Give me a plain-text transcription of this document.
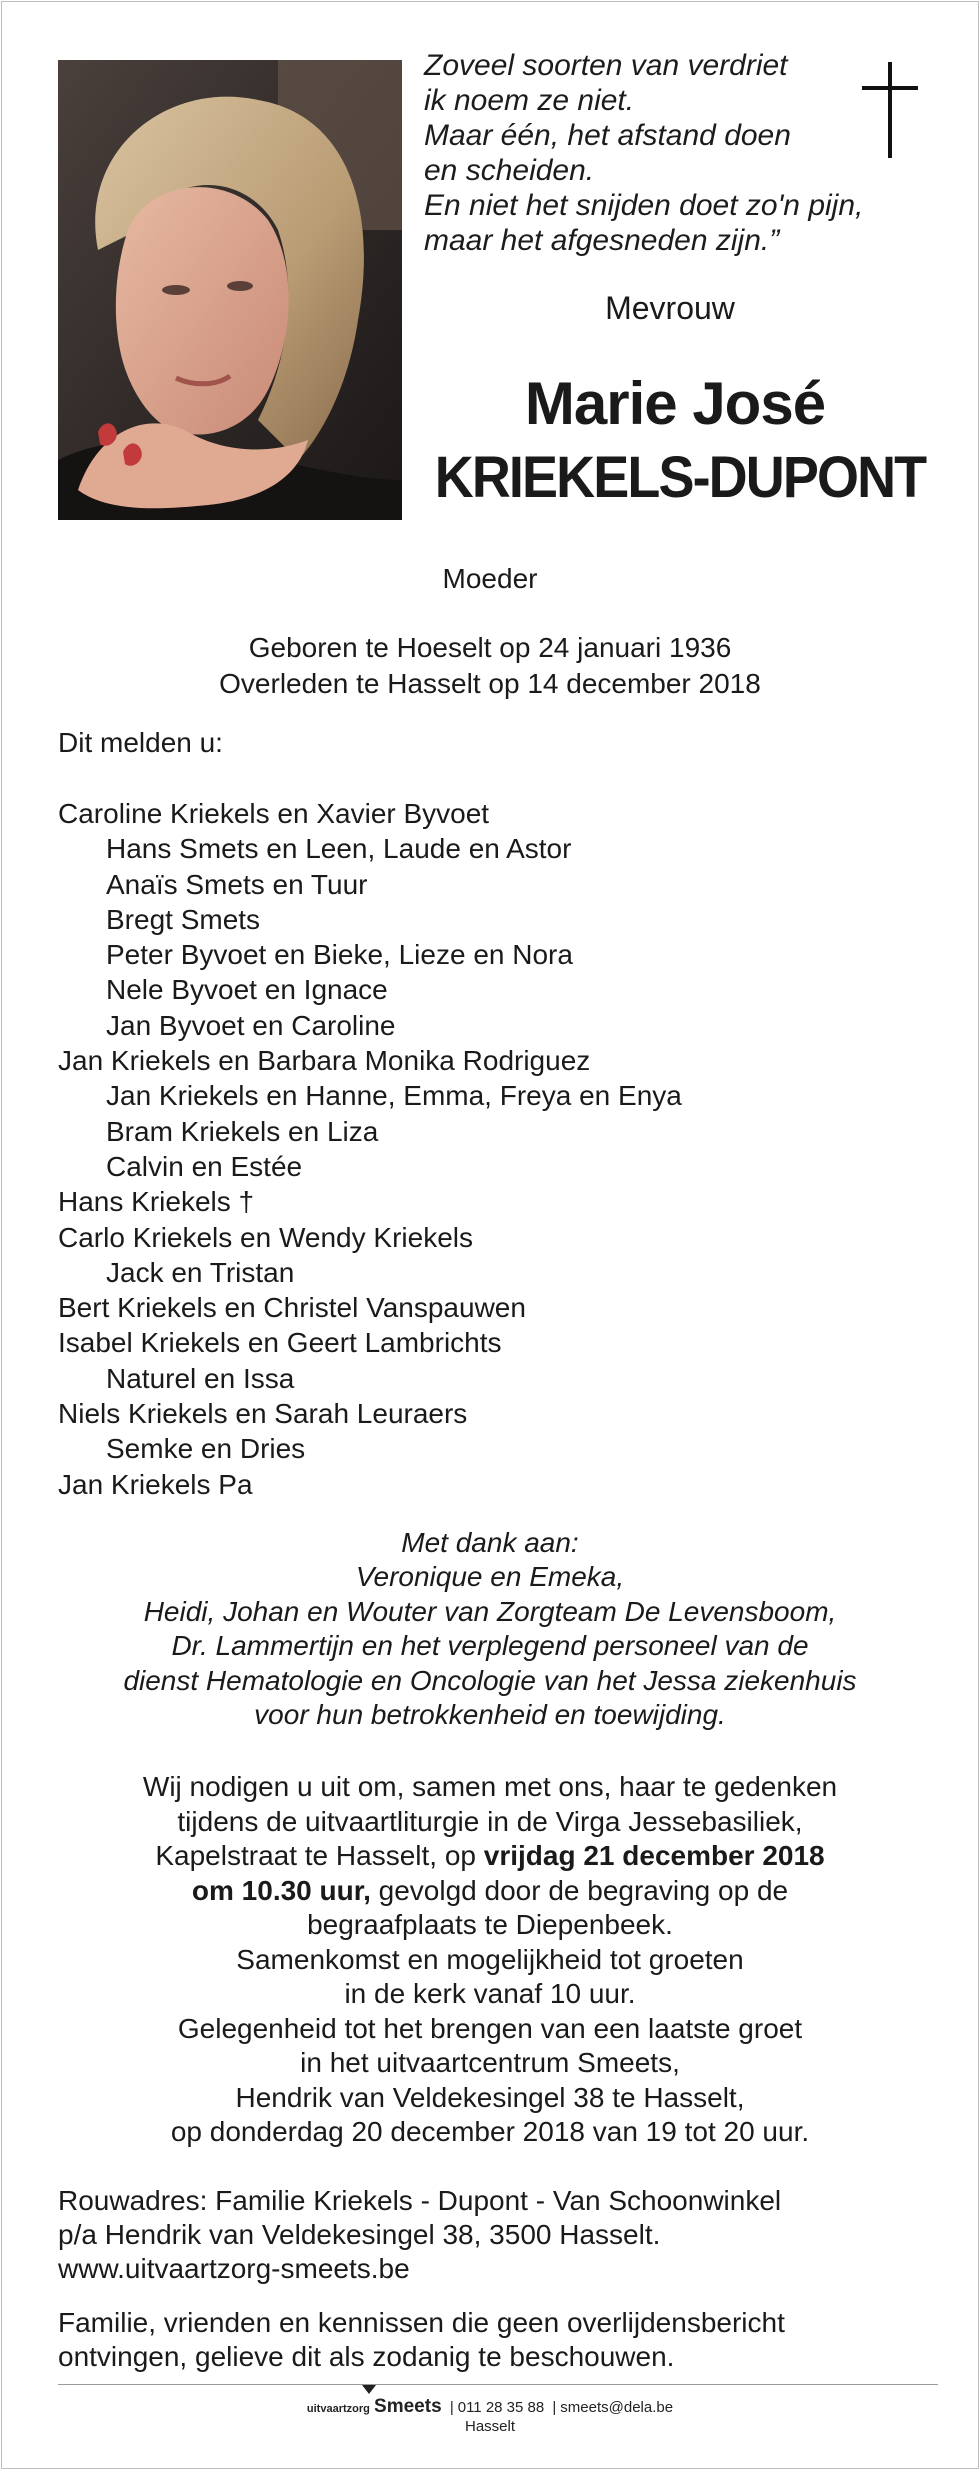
Zoveel soorten van verdriet
ik noem ze niet.
Maar één, het afstand doen
en scheiden.
En niet het snijden doet zo'n pijn,
maar het afgesneden zijn.”
Mevrouw
Marie José
KRIEKELS-DUPONT
Moeder
Geboren te Hoeselt op 24 januari 1936
Overleden te Hasselt op 14 december 2018
Dit melden u:
Caroline Kriekels en Xavier Byvoet
Hans Smets en Leen, Laude en Astor
Anaïs Smets en Tuur
Bregt Smets
Peter Byvoet en Bieke, Lieze en Nora
Nele Byvoet en Ignace
Jan Byvoet en Caroline
Jan Kriekels en Barbara Monika Rodriguez
Jan Kriekels en Hanne, Emma, Freya en Enya
Bram Kriekels en Liza
Calvin en Estée
Hans Kriekels †
Carlo Kriekels en Wendy Kriekels
Jack en Tristan
Bert Kriekels en Christel Vanspauwen
Isabel Kriekels en Geert Lambrichts
Naturel en Issa
Niels Kriekels en Sarah Leuraers
Semke en Dries
Jan Kriekels Pa
Met dank aan:
Veronique en Emeka,
Heidi, Johan en Wouter van Zorgteam De Levensboom,
Dr. Lammertijn en het verplegend personeel van de
dienst Hematologie en Oncologie van het Jessa ziekenhuis
voor hun betrokkenheid en toewijding.
Wij nodigen u uit om, samen met ons, haar te gedenken
tijdens de uitvaartliturgie in de Virga Jessebasiliek,
Kapelstraat te Hasselt, op vrijdag 21 december 2018
om 10.30 uur, gevolgd door de begraving op de
begraafplaats te Diepenbeek.
Samenkomst en mogelijkheid tot groeten
in de kerk vanaf 10 uur.
Gelegenheid tot het brengen van een laatste groet
in het uitvaartcentrum Smeets,
Hendrik van Veldekesingel 38 te Hasselt,
op donderdag 20 december 2018 van 19 tot 20 uur.
Rouwadres: Familie Kriekels - Dupont - Van Schoonwinkel
p/a Hendrik van Veldekesingel 38, 3500 Hasselt.
www.uitvaartzorg-smeets.be
Familie, vrienden en kennissen die geen overlijdensbericht
ontvingen, gelieve dit als zodanig te beschouwen.
uitvaartzorg Smeets | 011 28 35 88 | smeets@dela.be
Hasselt
